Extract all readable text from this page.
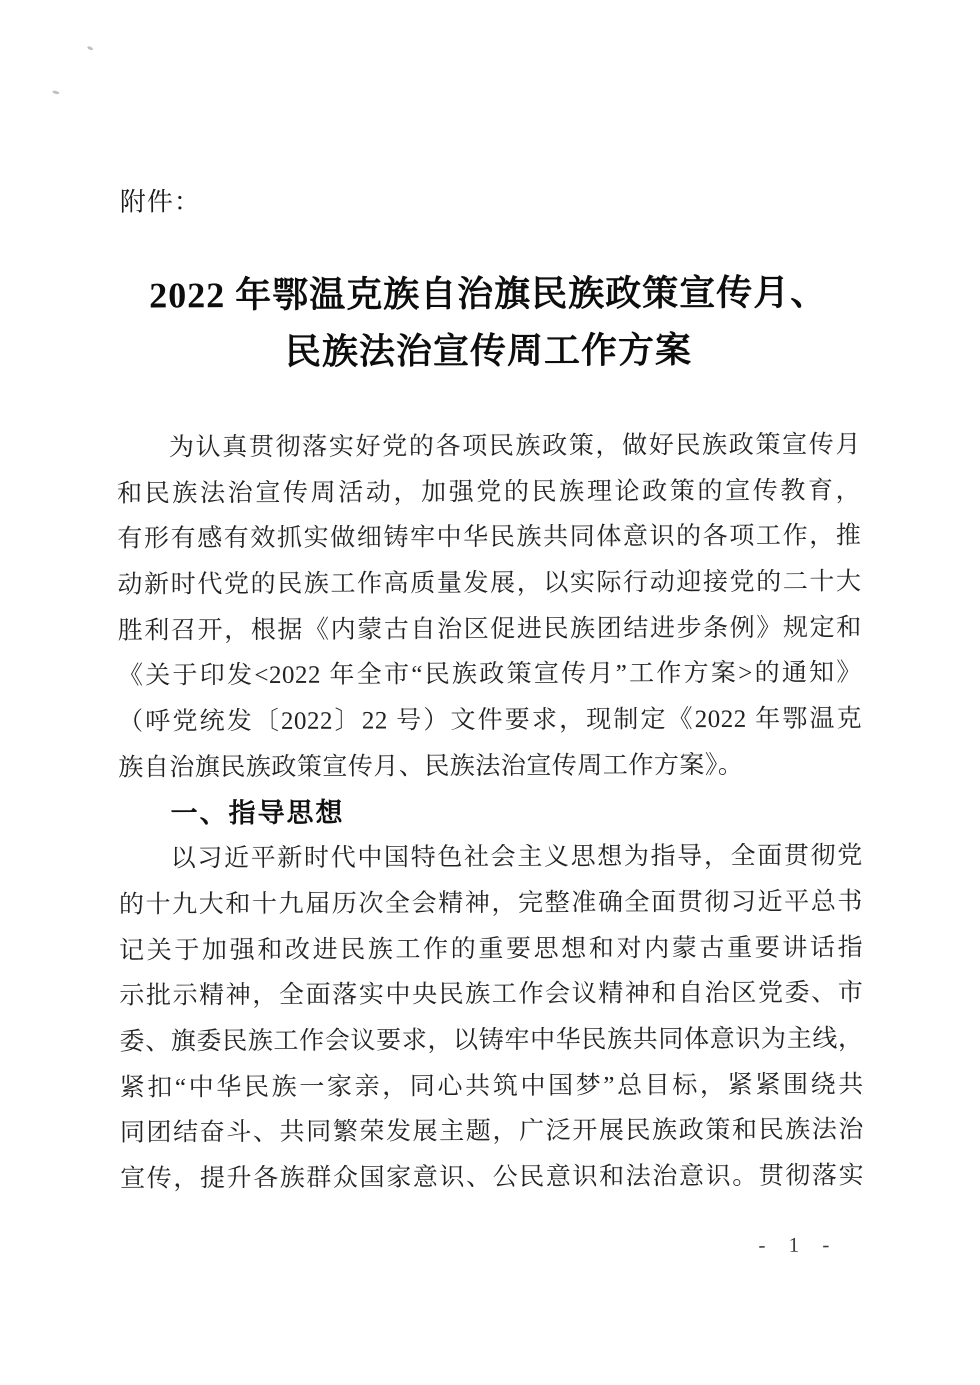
附件：
2022 年鄂温克族自治旗民族政策宣传月、
民族法治宣传周工作方案
为认真贯彻落实好党的各项民族政策，做好民族政策宣传月
和民族法治宣传周活动，加强党的民族理论政策的宣传教育，
有形有感有效抓实做细铸牢中华民族共同体意识的各项工作，推
动新时代党的民族工作高质量发展，以实际行动迎接党的二十大
胜利召开，根据《内蒙古自治区促进民族团结进步条例》规定和
《关于印发<2022 年全市“民族政策宣传月”工作方案>的通知》
（呼党统发〔2022〕22 号）文件要求，现制定《2022 年鄂温克
族自治旗民族政策宣传月、民族法治宣传周工作方案》。
一、指导思想
以习近平新时代中国特色社会主义思想为指导，全面贯彻党
的十九大和十九届历次全会精神，完整准确全面贯彻习近平总书
记关于加强和改进民族工作的重要思想和对内蒙古重要讲话指
示批示精神，全面落实中央民族工作会议精神和自治区党委、市
委、旗委民族工作会议要求，以铸牢中华民族共同体意识为主线，
紧扣“中华民族一家亲，同心共筑中国梦”总目标，紧紧围绕共
同团结奋斗、共同繁荣发展主题，广泛开展民族政策和民族法治
宣传，提升各族群众国家意识、公民意识和法治意识。贯彻落实
- 1 -
